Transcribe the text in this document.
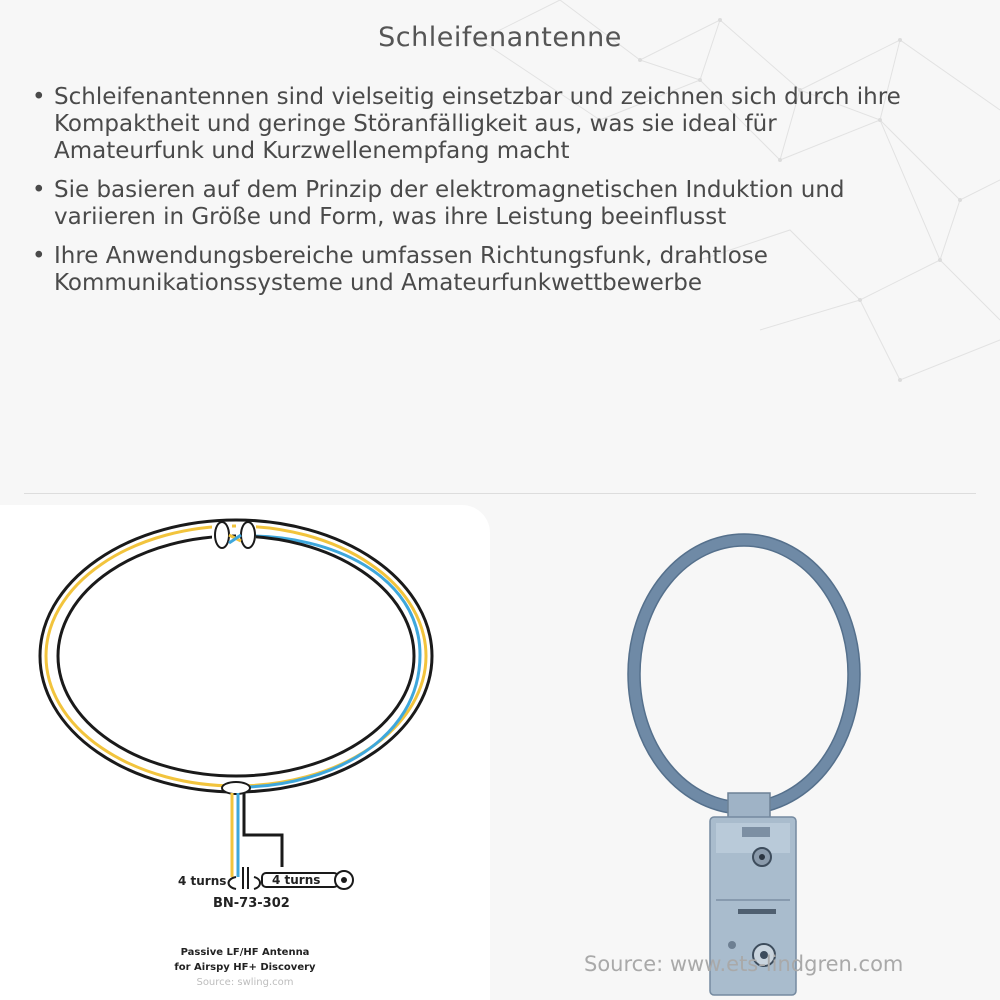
Schleifenantenne
• Schleifenantennen sind vielseitig einsetzbar und zeichnen sich durch ihre Kompaktheit und geringe Störanfälligkeit aus, was sie ideal für Amateurfunk und Kurzwellenempfang macht
• Sie basieren auf dem Prinzip der elektromagnetischen Induktion und variieren in Größe und Form, was ihre Leistung beeinflusst
• Ihre Anwendungsbereiche umfassen Richtungsfunk, drahtlose Kommunikationssysteme und Amateurfunkwettbewerbe
4 turns	4 turns
BN-73-302
Passive LF/HF Antenna
for Airspy HF+ Discovery
Source: swling.com
Source: www.ets-lindgren.com
